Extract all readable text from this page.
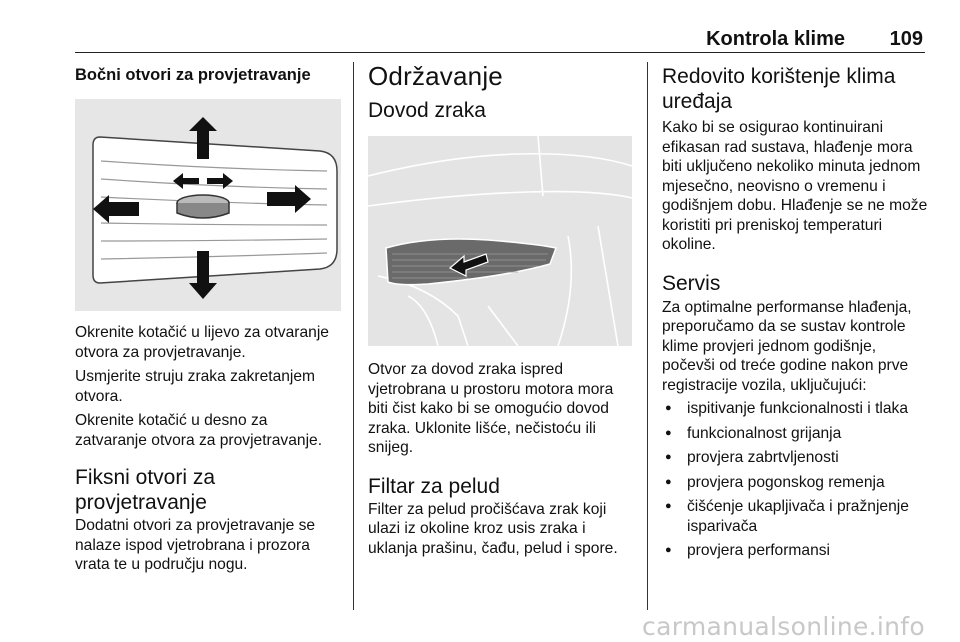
Kontrola klime 109
Bočni otvori za provjetravanje

Okrenite kotačić u lijevo za otvaranje otvora za provjetravanje.

Usmjerite struju zraka zakretanjem otvora.

Okrenite kotačić u desno za zatvaranje otvora za provjetravanje.

Fiksni otvori za provjetravanje

Dodatni otvori za provjetravanje se nalaze ispod vjetrobrana i prozora vrata te u području nogu.

Održavanje
Dovod zraka

Otvor za dovod zraka ispred vjetrobrana u prostoru motora mora biti čist kako bi se omogućio dovod zraka. Uklonite lišće, nečistoću ili snijeg.

Filtar za pelud

Filter za pelud pročišćava zrak koji ulazi iz okoline kroz usis zraka i uklanja prašinu, čađu, pelud i spore.

Redovito korištenje klima uređaja

Kako bi se osigurao kontinuirani efikasan rad sustava, hlađenje mora biti uključeno nekoliko minuta jednom mjesečno, neovisno o vremenu i godišnjem dobu. Hlađenje se ne može koristiti pri preniskoj temperaturi okoline.

Servis

Za optimalne performanse hlađenja, preporučamo da se sustav kontrole klime provjeri jednom godišnje, počevši od treće godine nakon prve registracije vozila, uključujući:

● ispitivanje funkcionalnosti i tlaka
● funkcionalnost grijanja
● provjera zabrtvljenosti
● provjera pogonskog remenja
● čišćenje ukapljivača i pražnjenje isparivača
● provjera performansi
carmanualsonline.info
